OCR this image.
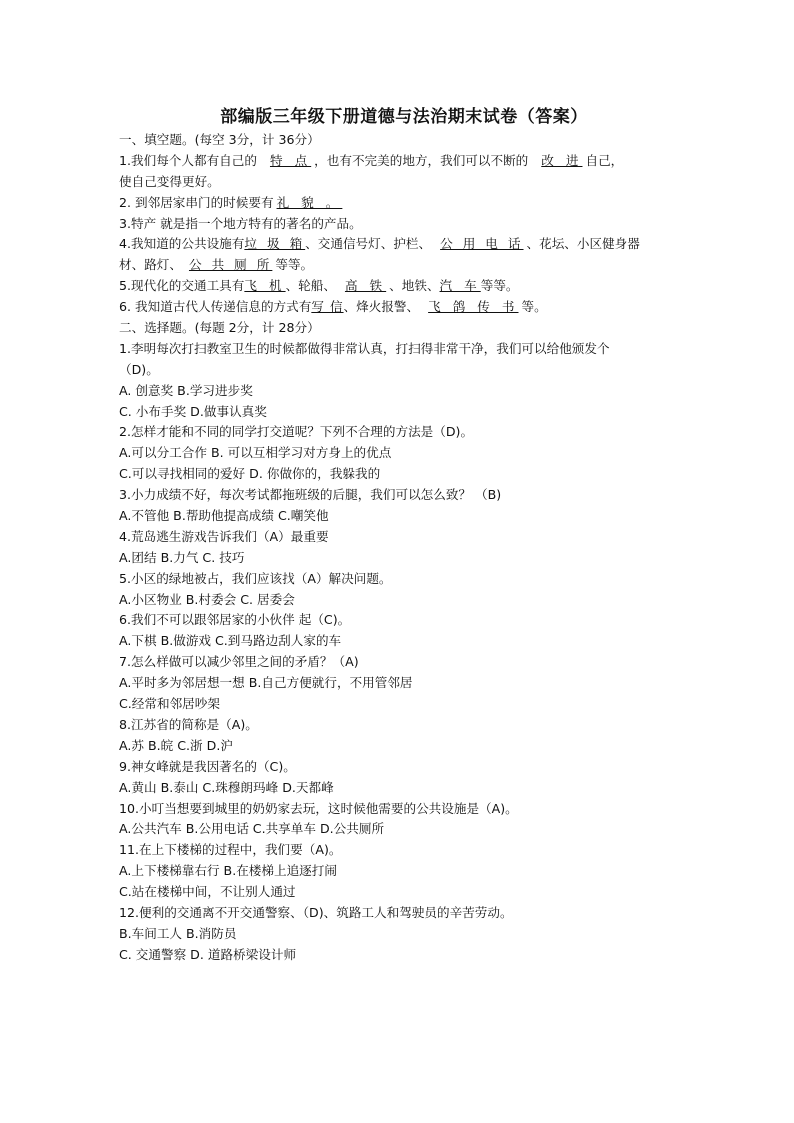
部编版三年级下册道德与法治期末试卷（答案）
一、填空题。(每空 3分，计 36分）
1.我们每个人都有自己的 特 点 ，也有不完美的地方，我们可以不断的 改 进 自己，
使自己变得更好。
2. 到邻居家串门的时候要有 礼 貌 。
3.特产 就是指一个地方特有的著名的产品。
4.我知道的公共设施有垃 圾 箱、交通信号灯、护栏、 公 用 电 话 、花坛、小区健身器
材、路灯、 公 共 厕 所 等等。
5.现代化的交通工具有飞 机、轮船、 高 铁 、地铁、汽 车等等。
6. 我知道古代人传递信息的方式有写 信、烽火报警、 飞 鸽 传 书 等。
二、选择题。(每题 2分，计 28分）
1.李明每次打扫教室卫生的时候都做得非常认真，打扫得非常干净，我们可以给他颁发个
（D)。
A. 创意奖 B.学习进步奖
C. 小布手奖 D.做事认真奖
2.怎样才能和不同的同学打交道呢？下列不合理的方法是（D)。
A.可以分工合作 B. 可以互相学习对方身上的优点
C.可以寻找相同的爱好 D. 你做你的，我躲我的
3.小力成绩不好，每次考试都拖班级的后腿，我们可以怎么致？ （B)
A.不管他 B.帮助他提高成绩 C.嘲笑他
4.荒岛逃生游戏告诉我们（A）最重要
A.团结 B.力气 C. 技巧
5.小区的绿地被占，我们应该找（A）解决问题。
A.小区物业 B.村委会 C. 居委会
6.我们不可以跟邻居家的小伙伴 起（C)。
A.下棋 B.做游戏 C.到马路边刮人家的车
7.怎么样做可以减少邻里之间的矛盾？（A)
A.平时多为邻居想一想 B.自己方便就行，不用管邻居
C.经常和邻居吵架
8.江苏省的简称是（A)。
A.苏 B.皖 C.浙 D.沪
9.神女峰就是我因著名的（C)。
A.黄山 B.泰山 C.珠穆朗玛峰 D.天都峰
10.小叮当想要到城里的奶奶家去玩，这时候他需要的公共设施是（A)。
A.公共汽车 B.公用电话 C.共享单车 D.公共厕所
11.在上下楼梯的过程中，我们要（A)。
A.上下楼梯靠右行 B.在楼梯上追逐打闹
C.站在楼梯中间，不让别人通过
12.便利的交通离不开交通警察、（D)、筑路工人和驾驶员的辛苦劳动。
B.车间工人 B.消防员
C. 交通警察 D. 道路桥梁设计师
